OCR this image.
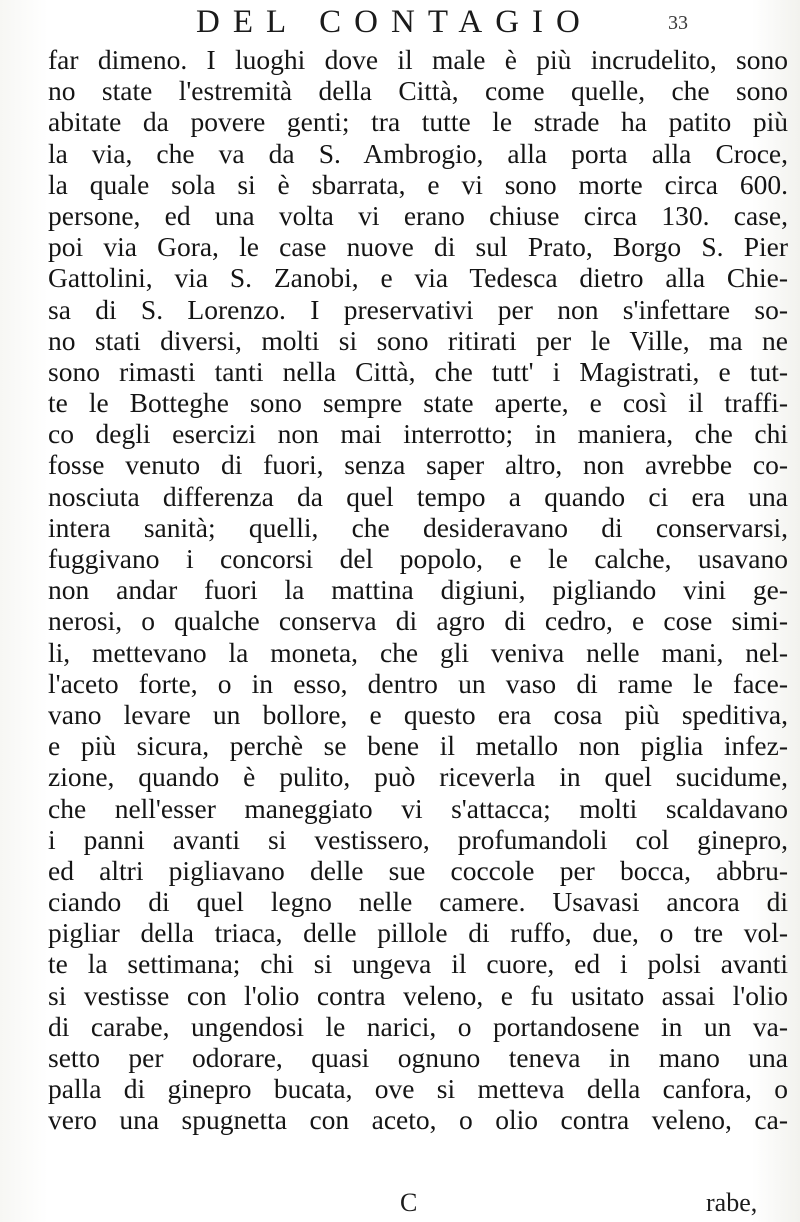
DEL CONTAGIO	33
far dimeno. I luoghi dove il male è più incrudelito, sono
no state l'estremità della Città, come quelle, che sono
abitate da povere genti; tra tutte le strade ha patito più
la via, che va da S. Ambrogio, alla porta alla Croce,
la quale sola si è sbarrata, e vi sono morte circa 600.
persone, ed una volta vi erano chiuse circa 130. case,
poi via Gora, le case nuove di sul Prato, Borgo S. Pier
Gattolini, via S. Zanobi, e via Tedesca dietro alla Chie-
sa di S. Lorenzo. I preservativi per non s'infettare so-
no stati diversi, molti si sono ritirati per le Ville, ma ne
sono rimasti tanti nella Città, che tutt' i Magistrati, e tut-
te le Botteghe sono sempre state aperte, e così il traffi-
co degli esercizi non mai interrotto; in maniera, che chi
fosse venuto di fuori, senza saper altro, non avrebbe co-
nosciuta differenza da quel tempo a quando ci era una
intera sanità; quelli, che desideravano di conservarsi,
fuggivano i concorsi del popolo, e le calche, usavano
non andar fuori la mattina digiuni, pigliando vini ge-
nerosi, o qualche conserva di agro di cedro, e cose simi-
li, mettevano la moneta, che gli veniva nelle mani, nel-
l'aceto forte, o in esso, dentro un vaso di rame le face-
vano levare un bollore, e questo era cosa più speditiva,
e più sicura, perchè se bene il metallo non piglia infez-
zione, quando è pulito, può riceverla in quel sucidume,
che nell'esser maneggiato vi s'attacca; molti scaldavano
i panni avanti si vestissero, profumandoli col ginepro,
ed altri pigliavano delle sue coccole per bocca, abbru-
ciando di quel legno nelle camere. Usavasi ancora di
pigliar della triaca, delle pillole di ruffo, due, o tre vol-
te la settimana; chi si ungeva il cuore, ed i polsi avanti
si vestisse con l'olio contra veleno, e fu usitato assai l'olio
di carabe, ungendosi le narici, o portandosene in un va-
setto per odorare, quasi ognuno teneva in mano una
palla di ginepro bucata, ove si metteva della canfora, o
vero una spugnetta con aceto, o olio contra veleno, ca-
C	rabe,
